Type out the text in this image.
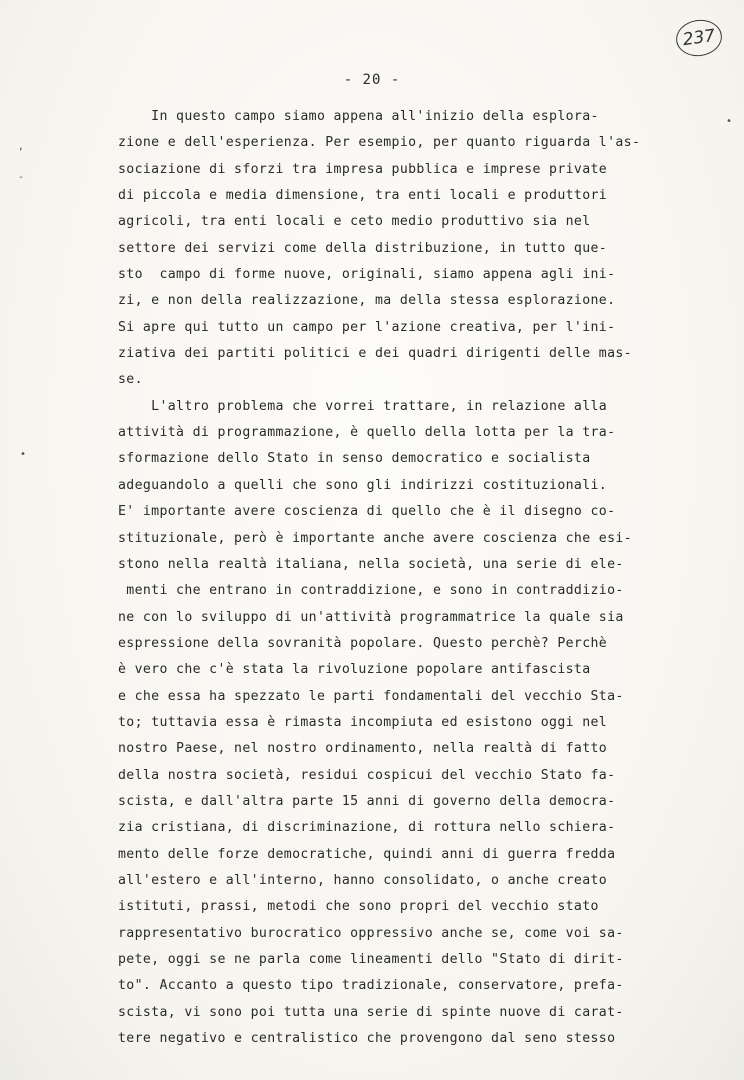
237
- 20 -
,
-
•
•
In questo campo siamo appena all'inizio della esplora-
zione e dell'esperienza. Per esempio, per quanto riguarda l'as-
sociazione di sforzi tra impresa pubblica e imprese private
di piccola e media dimensione, tra enti locali e produttori
agricoli, tra enti locali e ceto medio produttivo sia nel
settore dei servizi come della distribuzione, in tutto que-
sto  campo di forme nuove, originali, siamo appena agli ini-
zi, e non della realizzazione, ma della stessa esplorazione.
Si apre qui tutto un campo per l'azione creativa, per l'ini-
ziativa dei partiti politici e dei quadri dirigenti delle mas-
se.
L'altro problema che vorrei trattare, in relazione alla
attività di programmazione, è quello della lotta per la tra-
sformazione dello Stato in senso democratico e socialista
adeguandolo a quelli che sono gli indirizzi costituzionali.
E' importante avere coscienza di quello che è il disegno co-
stituzionale, però è importante anche avere coscienza che esi-
stono nella realtà italiana, nella società, una serie di ele-
menti che entrano in contraddizione, e sono in contraddizio-
ne con lo sviluppo di un'attività programmatrice la quale sia
espressione della sovranità popolare. Questo perchè? Perchè
è vero che c'è stata la rivoluzione popolare antifascista
e che essa ha spezzato le parti fondamentali del vecchio Sta-
to; tuttavia essa è rimasta incompiuta ed esistono oggi nel
nostro Paese, nel nostro ordinamento, nella realtà di fatto
della nostra società, residui cospicui del vecchio Stato fa-
scista, e dall'altra parte 15 anni di governo della democra-
zia cristiana, di discriminazione, di rottura nello schiera-
mento delle forze democratiche, quindi anni di guerra fredda
all'estero e all'interno, hanno consolidato, o anche creato
istituti, prassi, metodi che sono propri del vecchio stato
rappresentativo burocratico oppressivo anche se, come voi sa-
pete, oggi se ne parla come lineamenti dello "Stato di dirit-
to". Accanto a questo tipo tradizionale, conservatore, prefa-
scista, vi sono poi tutta una serie di spinte nuove di carat-
tere negativo e centralistico che provengono dal seno stesso
